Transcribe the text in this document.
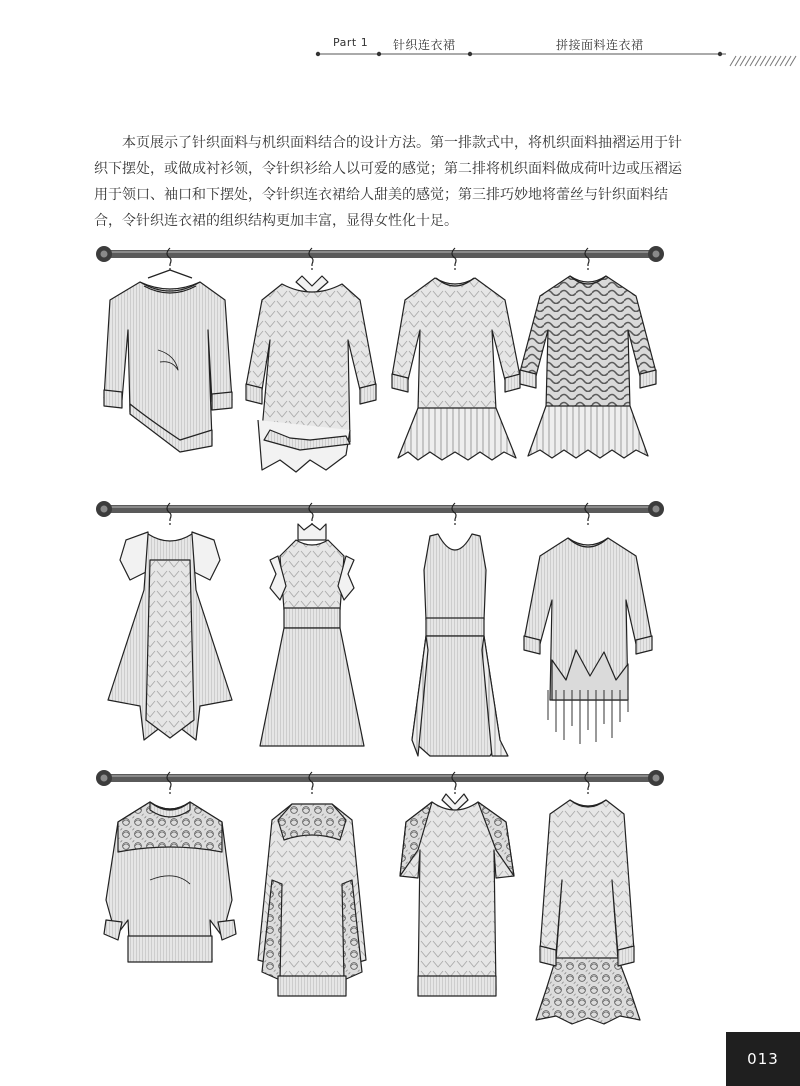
Part 1 针织连衣裙	拼接面料连衣裙

本页展示了针织面料与机织面料结合的设计方法。第一排款式中，将机织面料抽褶运用于针织下摆处，或做成衬衫领，令针织衫给人以可爱的感觉；第二排将机织面料做成荷叶边或压褶运用于领口、袖口和下摆处，令针织连衣裙给人甜美的感觉；第三排巧妙地将蕾丝与针织面料结合，令针织连衣裙的组织结构更加丰富，显得女性化十足。

013
